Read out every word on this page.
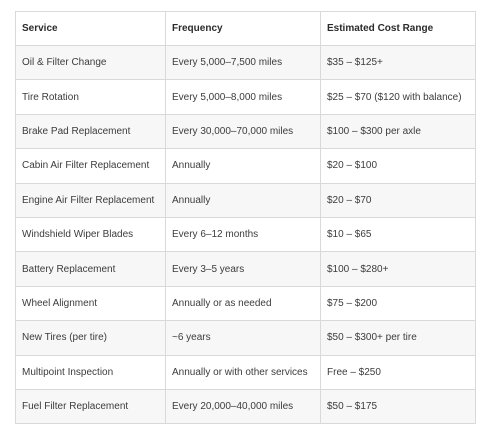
Service	Frequency	Estimated Cost Range
Oil & Filter Change	Every 5,000–7,500 miles	$35 – $125+
Tire Rotation	Every 5,000–8,000 miles	$25 – $70 ($120 with balance)
Brake Pad Replacement	Every 30,000–70,000 miles	$100 – $300 per axle
Cabin Air Filter Replacement	Annually	$20 – $100
Engine Air Filter Replacement	Annually	$20 – $70
Windshield Wiper Blades	Every 6–12 months	$10 – $65
Battery Replacement	Every 3–5 years	$100 – $280+
Wheel Alignment	Annually or as needed	$75 – $200
New Tires (per tire)	~6 years	$50 – $300+ per tire
Multipoint Inspection	Annually or with other services	Free – $250
Fuel Filter Replacement	Every 20,000–40,000 miles	$50 – $175
